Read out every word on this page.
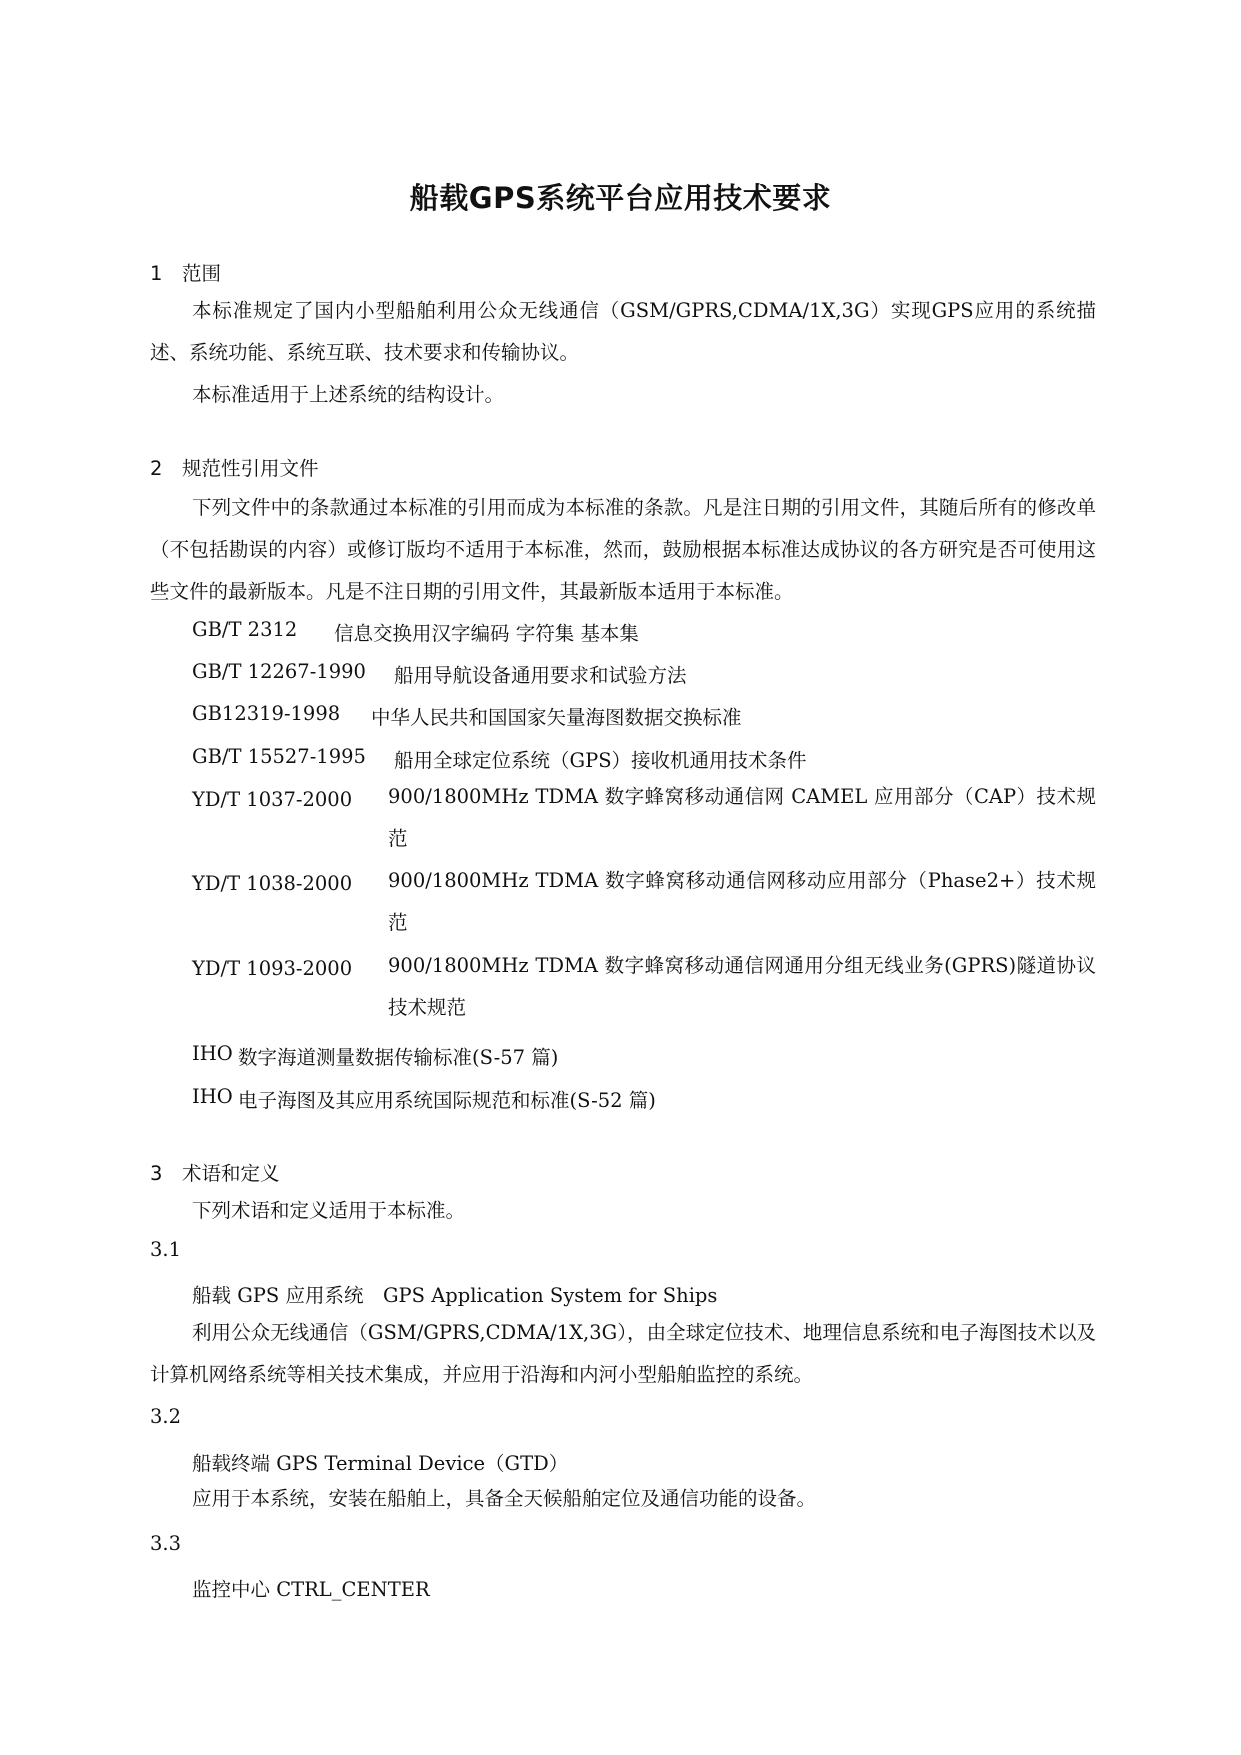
船载GPS系统平台应用技术要求
1 范围

本标准规定了国内小型船舶利用公众无线通信（GSM/GPRS,CDMA/1X,3G）实现GPS应用的系统描述、系统功能、系统互联、技术要求和传输协议。

本标准适用于上述系统的结构设计。

2 规范性引用文件

下列文件中的条款通过本标准的引用而成为本标准的条款。凡是注日期的引用文件，其随后所有的修改单（不包括勘误的内容）或修订版均不适用于本标准，然而，鼓励根据本标准达成协议的各方研究是否可使用这些文件的最新版本。凡是不注日期的引用文件，其最新版本适用于本标准。

GB/T 2312 信息交换用汉字编码 字符集 基本集
GB/T 12267-1990 船用导航设备通用要求和试验方法
GB12319-1998 中华人民共和国国家矢量海图数据交换标准
GB/T 15527-1995 船用全球定位系统（GPS）接收机通用技术条件
YD/T 1037-2000 900/1800MHz TDMA 数字蜂窝移动通信网 CAMEL 应用部分（CAP）技术规范
YD/T 1038-2000 900/1800MHz TDMA 数字蜂窝移动通信网移动应用部分（Phase2+）技术规范
YD/T 1093-2000 900/1800MHz TDMA 数字蜂窝移动通信网通用分组无线业务(GPRS)隧道协议技术规范
IHO 数字海道测量数据传输标准(S-57 篇)
IHO 电子海图及其应用系统国际规范和标准(S-52 篇)
3 术语和定义
下列术语和定义适用于本标准。
3.1
船载 GPS 应用系统　GPS Application System for Ships

利用公众无线通信（GSM/GPRS,CDMA/1X,3G），由全球定位技术、地理信息系统和电子海图技术以及计算机网络系统等相关技术集成，并应用于沿海和内河小型船舶监控的系统。

3.2
船载终端 GPS Terminal Device（GTD）

应用于本系统，安装在船舶上，具备全天候船舶定位及通信功能的设备。

3.3
监控中心 CTRL_CENTER
